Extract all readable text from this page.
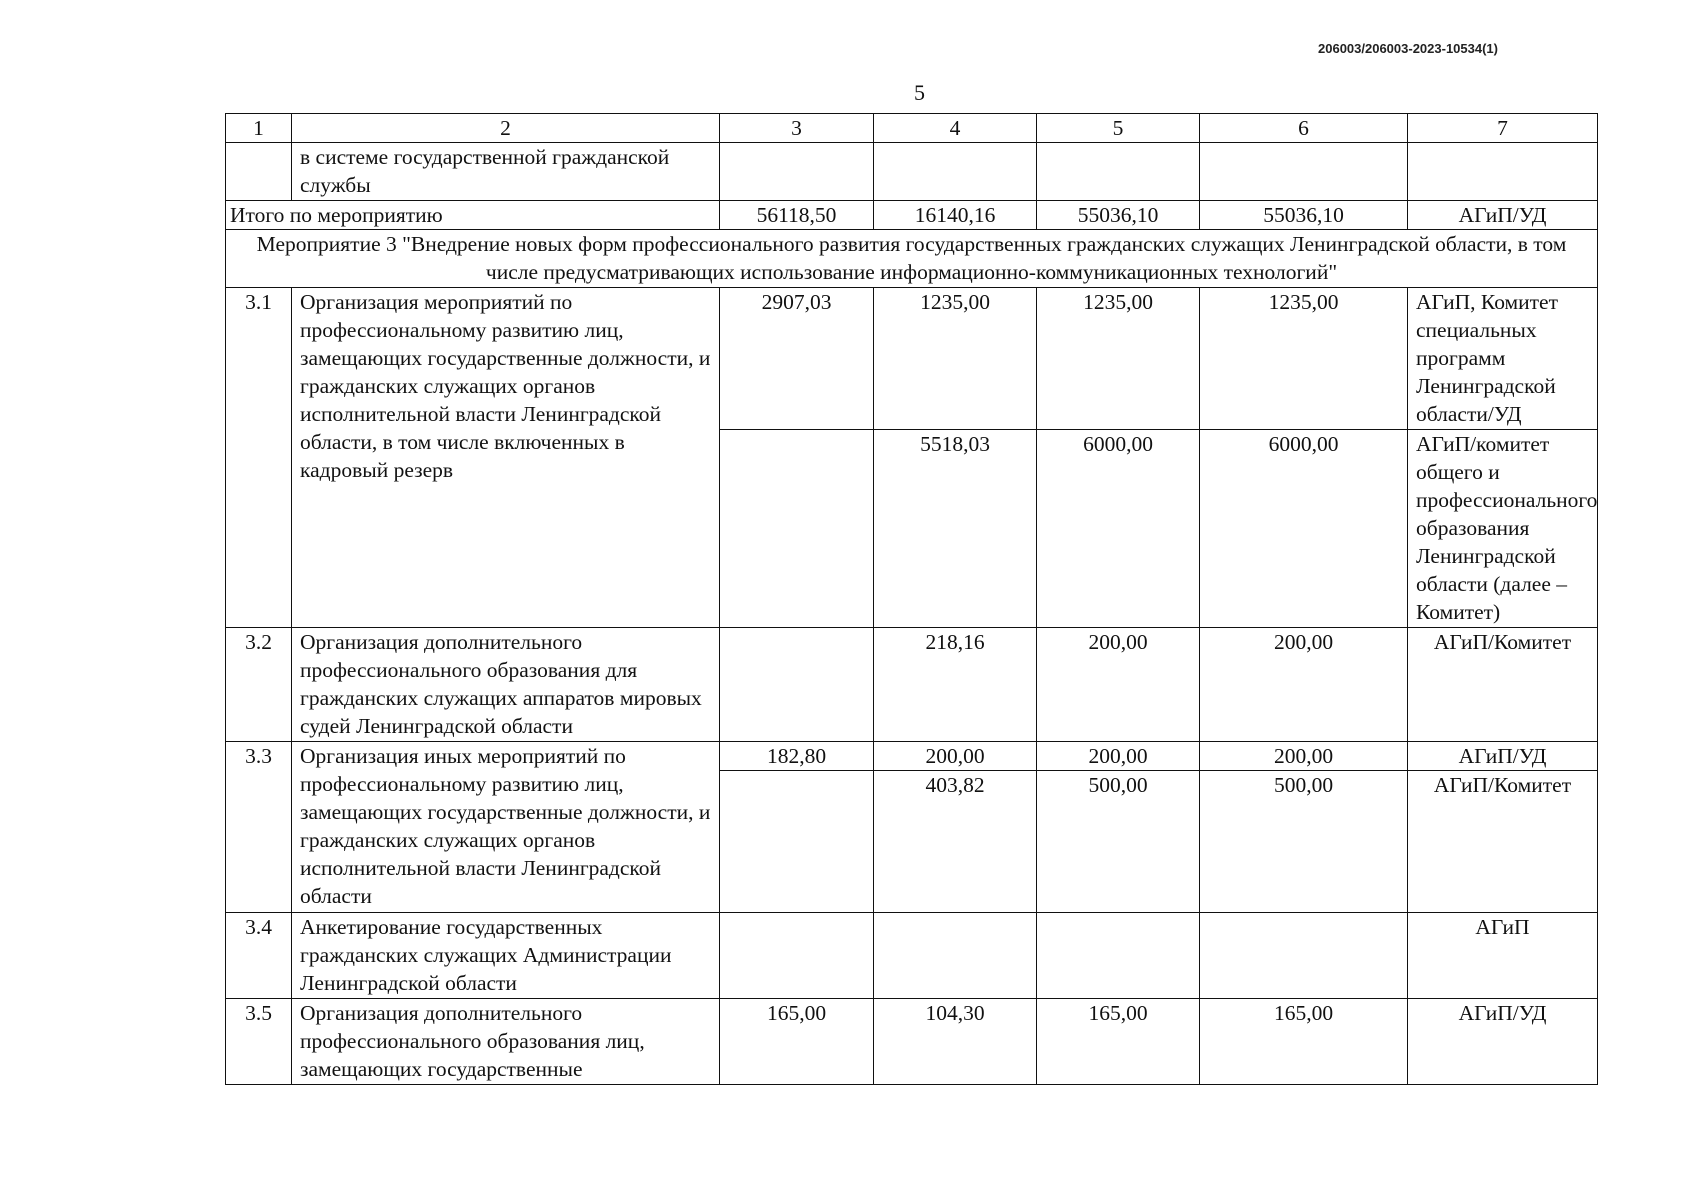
206003/206003-2023-10534(1)
5
1	2	3	4	5	6	7
	в системе государственной гражданской службы					
Итого по мероприятию		56118,50	16140,16	55036,10	55036,10	АГиП/УД
Мероприятие 3 "Внедрение новых форм профессионального развития государственных гражданских служащих Ленинградской области, в том числе предусматривающих использование информационно-коммуникационных технологий"						
3.1	Организация мероприятий по профессиональному развитию лиц, замещающих государственные должности, и гражданских служащих органов исполнительной власти Ленинградской области, в том числе включенных в кадровый резерв	2907,03	1235,00	1235,00	1235,00	АГиП, Комитет специальных программ Ленинградской области/УД
			5518,03	6000,00	6000,00	АГиП/комитет общего и профессионального образования Ленинградской области (далее – Комитет)
3.2	Организация дополнительного профессионального образования для гражданских служащих аппаратов мировых судей Ленинградской области		218,16	200,00	200,00	АГиП/Комитет
3.3	Организация иных мероприятий по профессиональному развитию лиц, замещающих государственные должности, и гражданских служащих органов исполнительной власти Ленинградской области	182,80	200,00	200,00	200,00	АГиП/УД
			403,82	500,00	500,00	АГиП/Комитет
3.4	Анкетирование государственных гражданских служащих Администрации Ленинградской области					АГиП
3.5	Организация дополнительного профессионального образования лиц, замещающих государственные	165,00	104,30	165,00	165,00	АГиП/УД
